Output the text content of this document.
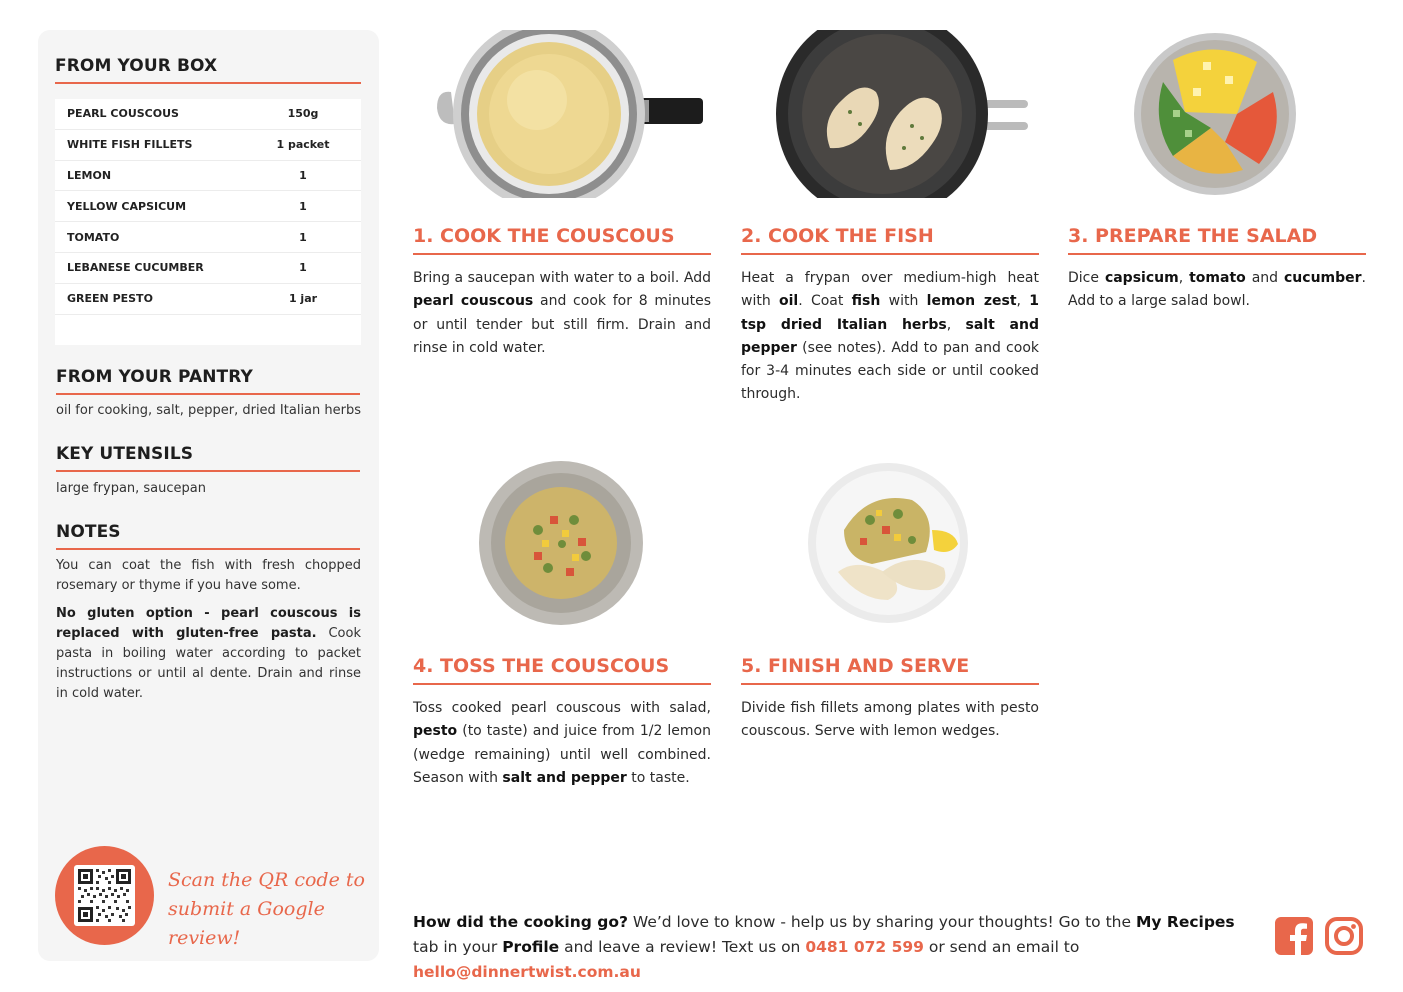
FROM YOUR BOX
PEARL COUSCOUS	150g
WHITE FISH FILLETS	1 packet
LEMON	1
YELLOW CAPSICUM	1
TOMATO	1
LEBANESE CUCUMBER	1
GREEN PESTO	1 jar
FROM YOUR PANTRY
oil for cooking, salt, pepper, dried Italian herbs
KEY UTENSILS
large frypan, saucepan
NOTES
You can coat the fish with fresh chopped rosemary or thyme if you have some.
No gluten option - pearl couscous is replaced with gluten-free pasta. Cook pasta in boiling water according to packet instructions or until al dente. Drain and rinse in cold water.
Scan the QR code to
submit a Google review!
1. COOK THE COUSCOUS
Bring a saucepan with water to a boil. Add pearl couscous and cook for 8 minutes or until tender but still firm. Drain and rinse in cold water.
2. COOK THE FISH
Heat a frypan over medium-high heat with oil. Coat fish with lemon zest, 1 tsp dried Italian herbs, salt and pepper (see notes). Add to pan and cook for 3-4 minutes each side or until cooked through.
3. PREPARE THE SALAD
Dice capsicum, tomato and cucumber. Add to a large salad bowl.
4. TOSS THE COUSCOUS
Toss cooked pearl couscous with salad, pesto (to taste) and juice from 1/2 lemon (wedge remaining) until well combined. Season with salt and pepper to taste.
5. FINISH AND SERVE
Divide fish fillets among plates with pesto couscous. Serve with lemon wedges.
How did the cooking go? We’d love to know - help us by sharing your thoughts! Go to the My Recipes tab in your Profile and leave a review! Text us on 0481 072 599 or send an email to hello@dinnertwist.com.au
